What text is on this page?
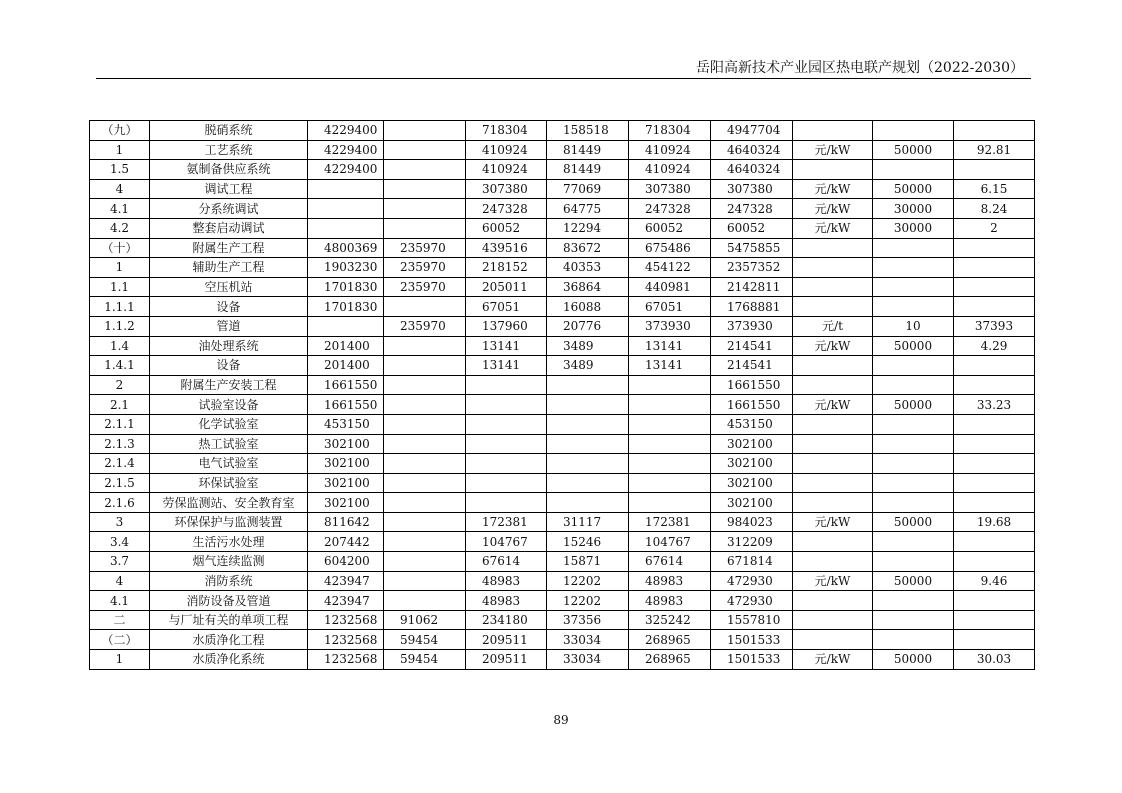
岳阳高新技术产业园区热电联产规划（2022-2030）
（九）	脱硝系统	4229400		718304	158518	718304	4947704			
1	工艺系统	4229400		410924	81449	410924	4640324	元/kW	50000	92.81
1.5	氨制备供应系统	4229400		410924	81449	410924	4640324			
4	调试工程			307380	77069	307380	307380	元/kW	50000	6.15
4.1	分系统调试			247328	64775	247328	247328	元/kW	30000	8.24
4.2	整套启动调试			60052	12294	60052	60052	元/kW	30000	2
（十）	附属生产工程	4800369	235970	439516	83672	675486	5475855			
1	辅助生产工程	1903230	235970	218152	40353	454122	2357352			
1.1	空压机站	1701830	235970	205011	36864	440981	2142811			
1.1.1	设备	1701830		67051	16088	67051	1768881			
1.1.2	管道		235970	137960	20776	373930	373930	元/t	10	37393
1.4	油处理系统	201400		13141	3489	13141	214541	元/kW	50000	4.29
1.4.1	设备	201400		13141	3489	13141	214541			
2	附属生产安装工程	1661550					1661550			
2.1	试验室设备	1661550					1661550	元/kW	50000	33.23
2.1.1	化学试验室	453150					453150			
2.1.3	热工试验室	302100					302100			
2.1.4	电气试验室	302100					302100			
2.1.5	环保试验室	302100					302100			
2.1.6	劳保监测站、安全教育室	302100					302100			
3	环保保护与监测装置	811642		172381	31117	172381	984023	元/kW	50000	19.68
3.4	生活污水处理	207442		104767	15246	104767	312209			
3.7	烟气连续监测	604200		67614	15871	67614	671814			
4	消防系统	423947		48983	12202	48983	472930	元/kW	50000	9.46
4.1	消防设备及管道	423947		48983	12202	48983	472930			
二	与厂址有关的单项工程	1232568	91062	234180	37356	325242	1557810			
（二）	水质净化工程	1232568	59454	209511	33034	268965	1501533			
1	水质净化系统	1232568	59454	209511	33034	268965	1501533	元/kW	50000	30.03
89
